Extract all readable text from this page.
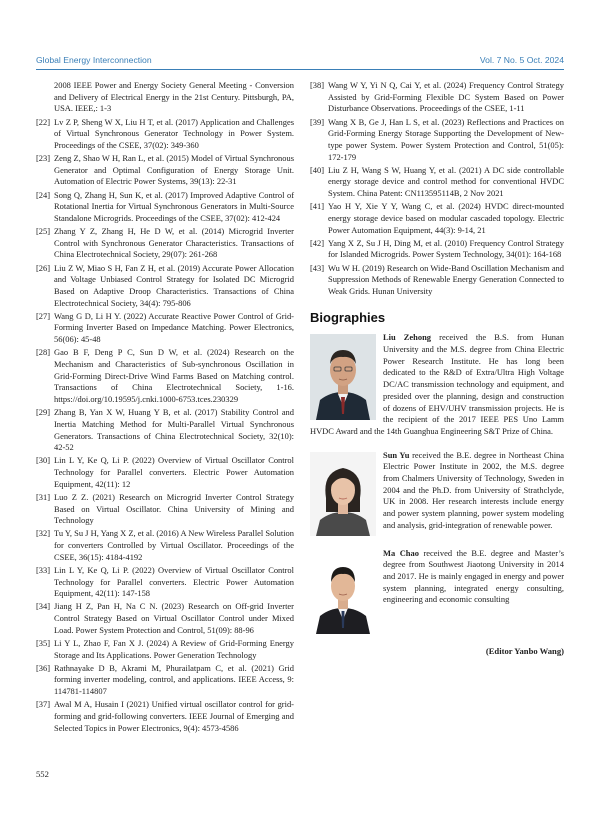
Global Energy Interconnection	Vol. 7 No. 5 Oct. 2024
2008 IEEE Power and Energy Society General Meeting - Conversion and Delivery of Electrical Energy in the 21st Century. Pittsburgh, PA, USA. IEEE,: 1-3
[22] Lv Z P, Sheng W X, Liu H T, et al. (2017) Application and Challenges of Virtual Synchronous Generator Technology in Power System. Proceedings of the CSEE, 37(02): 349-360
[23] Zeng Z, Shao W H, Ran L, et al. (2015) Model of Virtual Synchronous Generator and Optimal Configuration of Energy Storage Unit. Automation of Electric Power Systems, 39(13): 22-31
[24] Song Q, Zhang H, Sun K, et al. (2017) Improved Adaptive Control of Rotational Inertia for Virtual Synchronous Generators in Multi-Source Standalone Microgrids. Proceedings of the CSEE, 37(02): 412-424
[25] Zhang Y Z, Zhang H, He D W, et al. (2014) Microgrid Inverter Control with Synchronous Generator Characteristics. Transactions of China Electrotechnical Society, 29(07): 261-268
[26] Liu Z W, Miao S H, Fan Z H, et al. (2019) Accurate Power Allocation and Voltage Unbiased Control Strategy for Isolated DC Microgrid Based on Adaptive Droop Characteristics. Transactions of China Electrotechnical Society, 34(4): 795-806
[27] Wang G D, Li H Y. (2022) Accurate Reactive Power Control of Grid-Forming Inverter Based on Impedance Matching. Power Electronics, 56(06): 45-48
[28] Gao B F, Deng P C, Sun D W, et al. (2024) Research on the Mechanism and Characteristics of Sub-synchronous Oscillation in Grid-Forming Direct-Drive Wind Farms Based on Matching control. Transactions of China Electrotechnical Society, 1-16. https://doi.org/10.19595/j.cnki.1000-6753.tces.230329
[29] Zhang B, Yan X W, Huang Y B, et al. (2017) Stability Control and Inertia Matching Method for Multi-Parallel Virtual Synchronous Generators. Transactions of China Electrotechnical Society, 32(10): 42-52
[30] Lin L Y, Ke Q, Li P. (2022) Overview of Virtual Oscillator Control Technology for Parallel converters. Electric Power Automation Equipment, 42(11): 12
[31] Luo Z Z. (2021) Research on Microgrid Inverter Control Strategy Based on Virtual Oscillator. China University of Mining and Technology
[32] Tu Y, Su J H, Yang X Z, et al. (2016) A New Wireless Parallel Solution for converters Controlled by Virtual Oscillator. Proceedings of the CSEE, 36(15): 4184-4192
[33] Lin L Y, Ke Q, Li P. (2022) Overview of Virtual Oscillator Control Technology for Parallel converters. Electric Power Automation Equipment, 42(11): 147-158
[34] Jiang H Z, Pan H, Na C N. (2023) Research on Off-grid Inverter Control Strategy Based on Virtual Oscillator Control under Mixed Load. Power System Protection and Control, 51(09): 88-96
[35] Li Y L, Zhao F, Fan X J. (2024) A Review of Grid-Forming Energy Storage and Its Applications. Power Generation Technology
[36] Rathnayake D B, Akrami M, Phurailatpam C, et al. (2021) Grid forming inverter modeling, control, and applications. IEEE Access, 9: 114781-114807
[37] Awal M A, Husain I (2021) Unified virtual oscillator control for grid-forming and grid-following converters. IEEE Journal of Emerging and Selected Topics in Power Electronics, 9(4): 4573-4586
[38] Wang W Y, Yi N Q, Cai Y, et al. (2024) Frequency Control Strategy Assisted by Grid-Forming Flexible DC System Based on Power Disturbance Observations. Proceedings of the CSEE, 1-11
[39] Wang X B, Ge J, Han L S, et al. (2023) Reflections and Practices on Grid-Forming Energy Storage Supporting the Development of New-type power System. Power System Protection and Control, 51(05): 172-179
[40] Liu Z H, Wang S W, Huang Y, et al. (2021) A DC side controllable energy storage device and control method for conventional HVDC System. China Patent: CN113595114B, 2 Nov 2021
[41] Yao H Y, Xie Y Y, Wang C, et al. (2024) HVDC direct-mounted energy storage device based on modular cascaded topology. Electric Power Automation Equipment, 44(3): 9-14, 21
[42] Yang X Z, Su J H, Ding M, et al. (2010) Frequency Control Strategy for Islanded Microgrids. Power System Technology, 34(01): 164-168
[43] Wu W H. (2019) Research on Wide-Band Oscillation Mechanism and Suppression Methods of Renewable Energy Generation Connected to Weak Grids. Hunan University
Biographies
Liu Zehong received the B.S. from Hunan University and the M.S. degree from China Electric Power Research Institute. He has long been dedicated to the R&D of Extra/Ultra High Voltage DC/AC transmission technology and equipment, and presided over the planning, design and construction of dozens of EHV/UHV transmission projects. He is the recipient of the 2017 IEEE PES Uno Lamm HVDC Award and the 14th Guanghua Engineering S&T Prize of China.
Sun Yu received the B.E. degree in Northeast China Electric Power Institute in 2002, the M.S. degree from Chalmers University of Technology, Sweden in 2004 and the Ph.D. from University of Strathclyde, UK in 2008. Her research interests include energy and power system planning, power system modeling and analysis, grid-integration of renewable power.
Ma Chao received the B.E. degree and Master’s degree from Southwest Jiaotong University in 2014 and 2017. He is mainly engaged in energy and power system planning, integrated energy consulting, engineering and economic consulting
(Editor Yanbo Wang)
552
